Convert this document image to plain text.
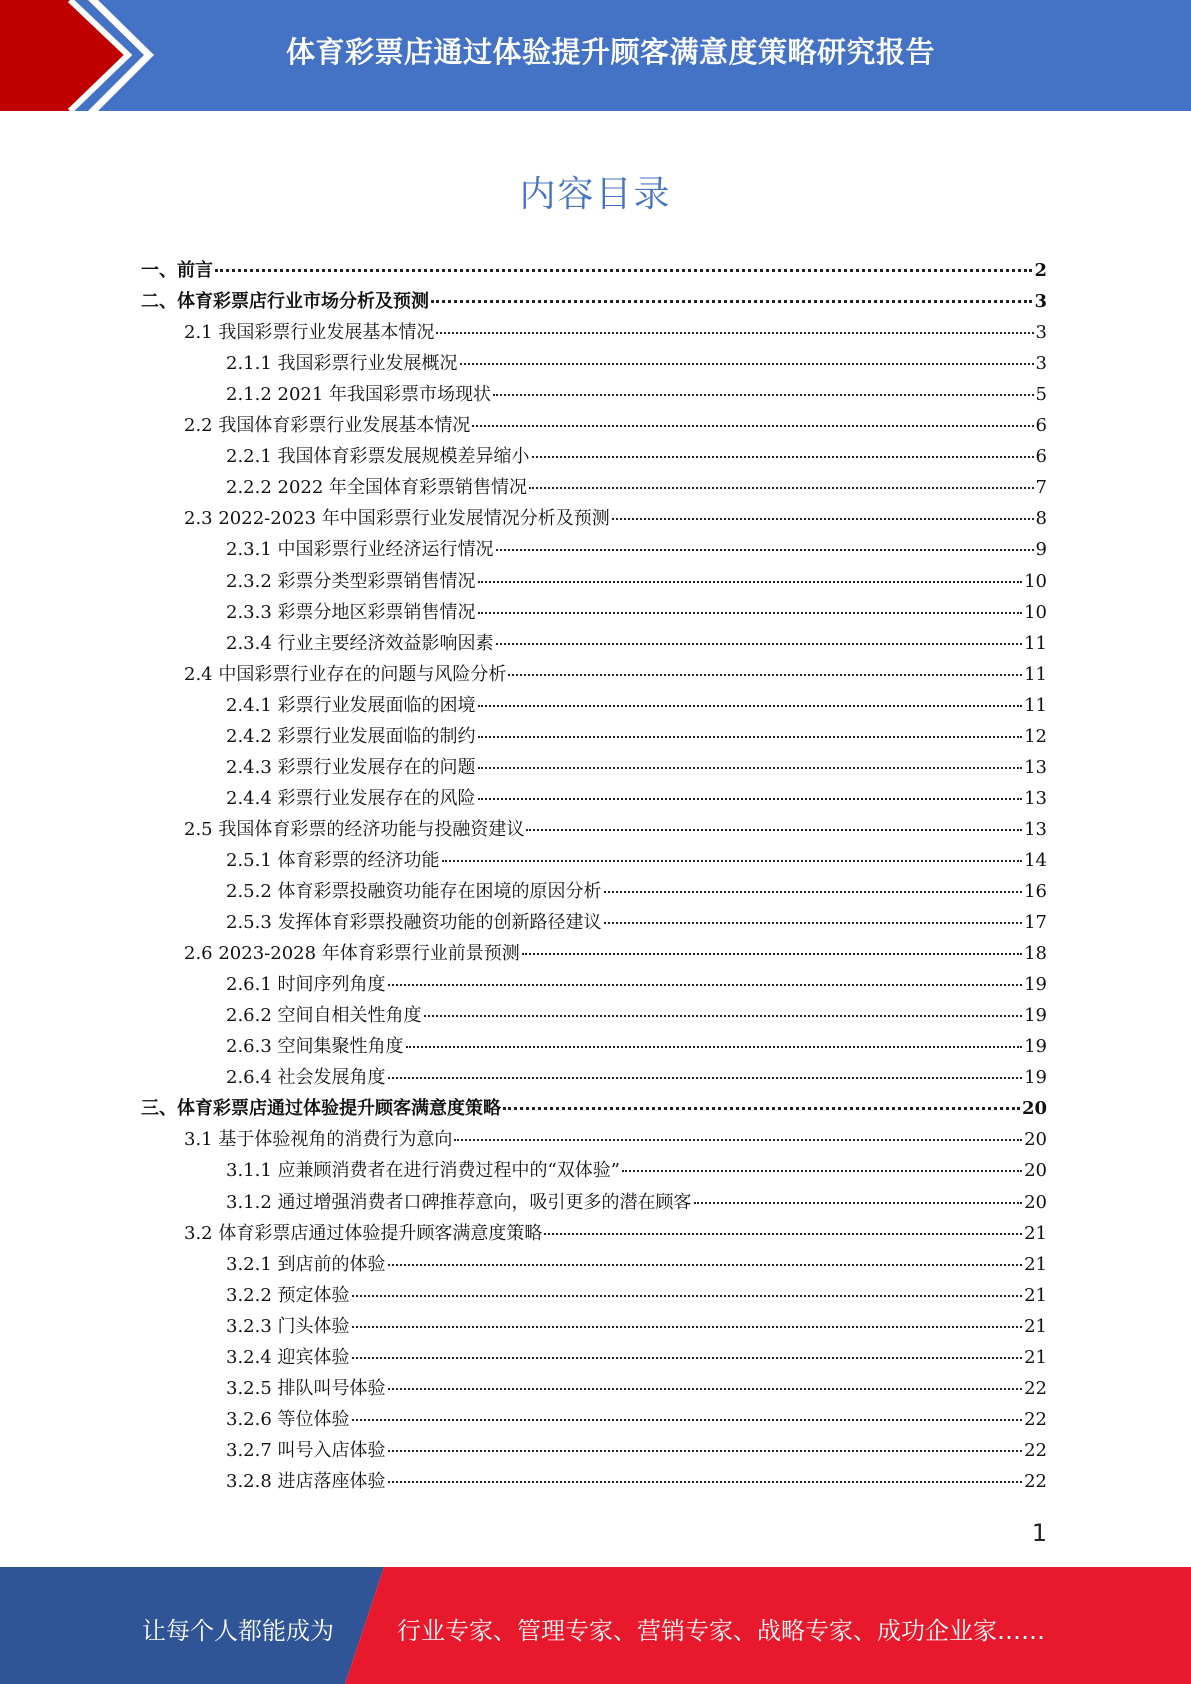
体育彩票店通过体验提升顾客满意度策略研究报告
内容目录
一、前言	2
二、体育彩票店行业市场分析及预测	3
2.1 我国彩票行业发展基本情况	3
2.1.1 我国彩票行业发展概况	3
2.1.2 2021 年我国彩票市场现状	5
2.2 我国体育彩票行业发展基本情况	6
2.2.1 我国体育彩票发展规模差异缩小	6
2.2.2 2022 年全国体育彩票销售情况	7
2.3 2022-2023 年中国彩票行业发展情况分析及预测	8
2.3.1 中国彩票行业经济运行情况	9
2.3.2 彩票分类型彩票销售情况	10
2.3.3 彩票分地区彩票销售情况	10
2.3.4 行业主要经济效益影响因素	11
2.4 中国彩票行业存在的问题与风险分析	11
2.4.1 彩票行业发展面临的困境	11
2.4.2 彩票行业发展面临的制约	12
2.4.3 彩票行业发展存在的问题	13
2.4.4 彩票行业发展存在的风险	13
2.5 我国体育彩票的经济功能与投融资建议	13
2.5.1 体育彩票的经济功能	14
2.5.2 体育彩票投融资功能存在困境的原因分析	16
2.5.3 发挥体育彩票投融资功能的创新路径建议	17
2.6 2023-2028 年体育彩票行业前景预测	18
2.6.1 时间序列角度	19
2.6.2 空间自相关性角度	19
2.6.3 空间集聚性角度	19
2.6.4 社会发展角度	19
三、体育彩票店通过体验提升顾客满意度策略	20
3.1 基于体验视角的消费行为意向	20
3.1.1 应兼顾消费者在进行消费过程中的“双体验”	20
3.1.2 通过增强消费者口碑推荐意向，吸引更多的潜在顾客	20
3.2 体育彩票店通过体验提升顾客满意度策略	21
3.2.1 到店前的体验	21
3.2.2 预定体验	21
3.2.3 门头体验	21
3.2.4 迎宾体验	21
3.2.5 排队叫号体验	22
3.2.6 等位体验	22
3.2.7 叫号入店体验	22
3.2.8 进店落座体验	22
1
让每个人都能成为	行业专家、管理专家、营销专家、战略专家、成功企业家……
